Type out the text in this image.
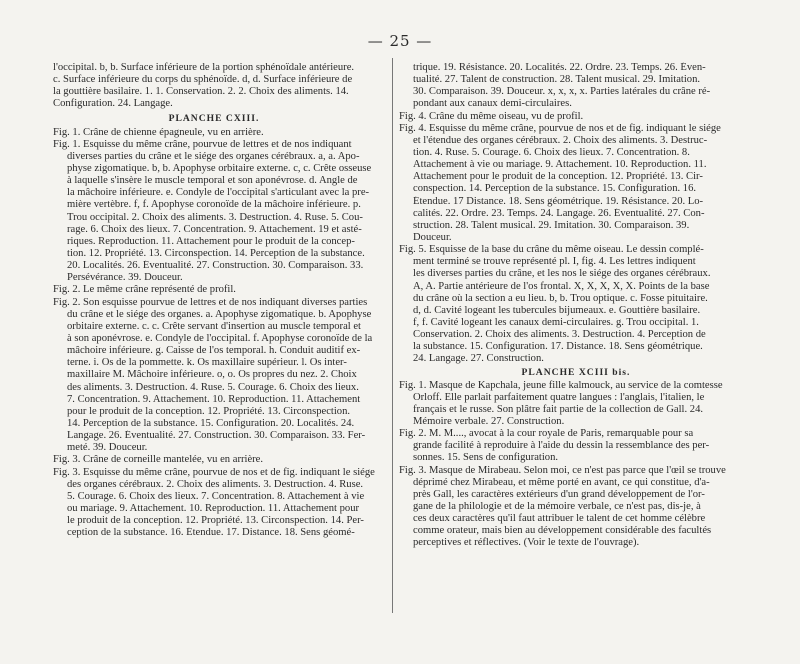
— 25 —
l'occipital. b, b. Surface inférieure de la portion sphénoïdale antérieure.
c. Surface inférieure du corps du sphénoïde. d, d. Surface inférieure de
la gouttière basilaire. 1. 1. Conservation. 2. 2. Choix des aliments. 14.
Configuration. 24. Langage.
PLANCHE CXIII.
Fig. 1. Crâne de chienne épagneule, vu en arrière.
Fig. 1. Esquisse du même crâne, pourvue de lettres et de nos indiquant
diverses parties du crâne et le siége des organes cérébraux. a, a. Apo-
physe zigomatique. b, b. Apophyse orbitaire externe. c, c. Crête osseuse
à laquelle s'insère le muscle temporal et son aponévrose. d. Angle de
la mâchoire inférieure. e. Condyle de l'occipital s'articulant avec la pre-
mière vertèbre. f, f. Apophyse coronoïde de la mâchoire inférieure. p.
Trou occipital. 2. Choix des aliments. 3. Destruction. 4. Ruse. 5. Cou-
rage. 6. Choix des lieux. 7. Concentration. 9. Attachement. 19 et asté-
riques. Reproduction. 11. Attachement pour le produit de la concep-
tion. 12. Propriété. 13. Circonspection. 14. Perception de la substance.
20. Localités. 26. Éventualité. 27. Construction. 30. Comparaison. 33.
Persévérance. 39. Douceur.
Fig. 2. Le même crâne représenté de profil.
Fig. 2. Son esquisse pourvue de lettres et de nos indiquant diverses parties
du crâne et le siége des organes. a. Apophyse zigomatique. b. Apophyse
orbitaire externe. c. c. Crête servant d'insertion au muscle temporal et
à son aponévrose. e. Condyle de l'occipital. f. Apophyse coronoïde de la
mâchoire inférieure. g. Caisse de l'os temporal. h. Conduit auditif ex-
terne. i. Os de la pommette. k. Os maxillaire supérieur. l. Os inter-
maxillaire M. Mâchoire inférieure. o, o. Os propres du nez. 2. Choix
des aliments. 3. Destruction. 4. Ruse. 5. Courage. 6. Choix des lieux.
7. Concentration. 9. Attachement. 10. Reproduction. 11. Attachement
pour le produit de la conception. 12. Propriété. 13. Circonspection.
14. Perception de la substance. 15. Configuration. 20. Localités. 24.
Langage. 26. Éventualité. 27. Construction. 30. Comparaison. 33. Fer-
meté. 39. Douceur.
Fig. 3. Crâne de corneille mantelée, vu en arrière.
Fig. 3. Esquisse du même crâne, pourvue de nos et de fig. indiquant le siége
des organes cérébraux. 2. Choix des aliments. 3. Destruction. 4. Ruse.
5. Courage. 6. Choix des lieux. 7. Concentration. 8. Attachement à vie
ou mariage. 9. Attachement. 10. Reproduction. 11. Attachement pour
le produit de la conception. 12. Propriété. 13. Circonspection. 14. Per-
ception de la substance. 16. Étendue. 17. Distance. 18. Sens géomé-
trique. 19. Résistance. 20. Localités. 22. Ordre. 23. Temps. 26. Éven-
tualité. 27. Talent de construction. 28. Talent musical. 29. Imitation.
30. Comparaison. 39. Douceur. x, x, x, x. Parties latérales du crâne ré-
pondant aux canaux demi-circulaires.
Fig. 4. Crâne du même oiseau, vu de profil.
Fig. 4. Esquisse du même crâne, pourvue de nos et de fig. indiquant le siége
et l'étendue des organes cérébraux. 2. Choix des aliments. 3. Destruc-
tion. 4. Ruse. 5. Courage. 6. Choix des lieux. 7. Concentration. 8.
Attachement à vie ou mariage. 9. Attachement. 10. Reproduction. 11.
Attachement pour le produit de la conception. 12. Propriété. 13. Cir-
conspection. 14. Perception de la substance. 15. Configuration. 16.
Étendue. 17 Distance. 18. Sens géométrique. 19. Résistance. 20. Lo-
calités. 22. Ordre. 23. Temps. 24. Langage. 26. Éventualité. 27. Con-
struction. 28. Talent musical. 29. Imitation. 30. Comparaison. 39.
Douceur.
Fig. 5. Esquisse de la base du crâne du même oiseau. Le dessin complé-
ment terminé se trouve représenté pl. I, fig. 4. Les lettres indiquent
les diverses parties du crâne, et les nos le siége des organes cérébraux.
A, A. Partie antérieure de l'os frontal. X, X, X, X, X. Points de la base
du crâne où la section a eu lieu. b, b. Trou optique. c. Fosse pituitaire.
d, d. Cavité logeant les tubercules bijumeaux. e. Gouttière basilaire.
f, f. Cavité logeant les canaux demi-circulaires. g. Trou occipital. 1.
Conservation. 2. Choix des aliments. 3. Destruction. 4. Perception de
la substance. 15. Configuration. 17. Distance. 18. Sens géométrique.
24. Langage. 27. Construction.
PLANCHE XCIII bis.
Fig. 1. Masque de Kapchala, jeune fille kalmouck, au service de la comtesse
Orloff. Elle parlait parfaitement quatre langues : l'anglais, l'italien, le
français et le russe. Son plâtre fait partie de la collection de Gall. 24.
Mémoire verbale. 27. Construction.
Fig. 2. M. M...., avocat à la cour royale de Paris, remarquable pour sa
grande facilité à reproduire à l'aide du dessin la ressemblance des per-
sonnes. 15. Sens de configuration.
Fig. 3. Masque de Mirabeau. Selon moi, ce n'est pas parce que l'œil se trouve
déprimé chez Mirabeau, et même porté en avant, ce qui constitue, d'a-
près Gall, les caractères extérieurs d'un grand développement de l'or-
gane de la philologie et de la mémoire verbale, ce n'est pas, dis-je, à
ces deux caractères qu'il faut attribuer le talent de cet homme célèbre
comme orateur, mais bien au développement considérable des facultés
perceptives et réflectives. (Voir le texte de l'ouvrage).
